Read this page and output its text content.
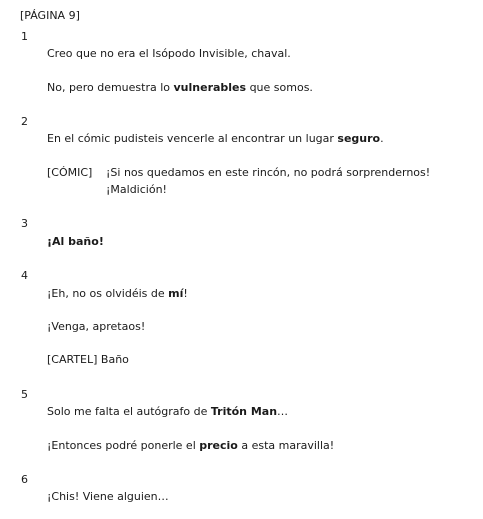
[PÁGINA 9]
1
Creo que no era el Isópodo Invisible, chaval.
No, pero demuestra lo vulnerables que somos.
2
En el cómic pudisteis vencerle al encontrar un lugar seguro.
[CÓMIC] ¡Si nos quedamos en este rincón, no podrá sorprendernos!
¡Maldición!
3
¡Al baño!
4
¡Eh, no os olvidéis de mí!
¡Venga, apretaos!
[CARTEL] Baño
5
Solo me falta el autógrafo de Tritón Man…
¡Entonces podré ponerle el precio a esta maravilla!
6
¡Chis! Viene alguien…
